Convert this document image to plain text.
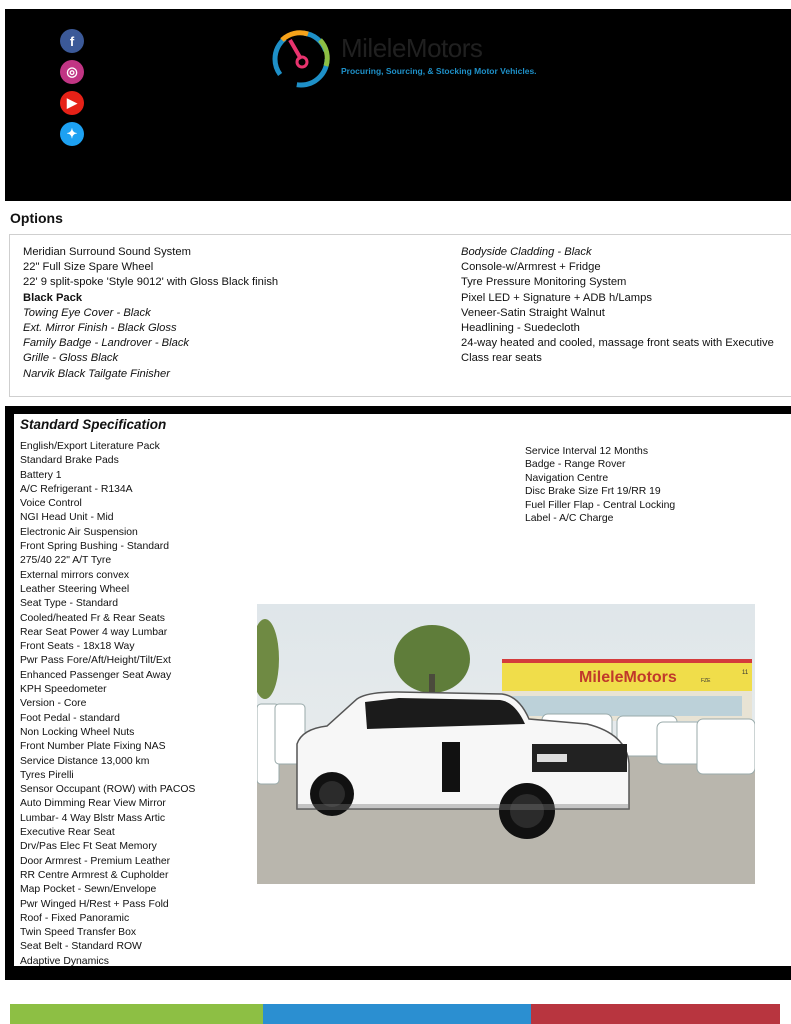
f
◎
▶
✦
MileleMotors
Procuring, Sourcing, & Stocking Motor Vehicles.
Options
Meridian Surround Sound System
22" Full Size Spare Wheel
22' 9 split-spoke 'Style 9012' with Gloss Black finish
Black Pack
Towing Eye Cover - Black
Ext. Mirror Finish - Black Gloss
Family Badge - Landrover - Black
Grille - Gloss Black
Narvik Black Tailgate Finisher
Bodyside Cladding - Black
Console-w/Armrest + Fridge
Tyre Pressure Monitoring System
Pixel LED + Signature + ADB h/Lamps
Veneer-Satin Straight Walnut
Headlining - Suedecloth
24-way heated and cooled, massage front seats with Executive Class rear seats
Standard Specification
English/Export Literature Pack
Standard Brake Pads
Battery 1
A/C Refrigerant - R134A
Voice Control
NGI Head Unit - Mid
Electronic Air Suspension
Front Spring Bushing - Standard
275/40 22" A/T Tyre
External mirrors convex
Leather Steering Wheel
Seat Type - Standard
Cooled/heated Fr & Rear Seats
Rear Seat Power 4 way Lumbar
Front Seats - 18x18 Way
Pwr Pass Fore/Aft/Height/Tilt/Ext
Enhanced Passenger Seat Away
KPH Speedometer
Version - Core
Foot Pedal - standard
Non Locking Wheel Nuts
Front Number Plate Fixing NAS
Service Distance 13,000 km
Tyres Pirelli
Sensor Occupant (ROW) with PACOS
Auto Dimming Rear View Mirror
Lumbar- 4 Way Blstr Mass Artic
Executive Rear Seat
Drv/Pas Elec Ft Seat Memory
Door Armrest - Premium Leather
RR Centre Armrest & Cupholder
Map Pocket - Sewn/Envelope
Pwr Winged H/Rest + Pass Fold
Roof - Fixed Panoramic
Twin Speed Transfer Box
Seat Belt - Standard ROW
Adaptive Dynamics
Service Interval 12 Months
Badge - Range Rover
Navigation Centre
Disc Brake Size Frt 19/RR 19
Fuel Filler Flap - Central Locking
Label - A/C Charge
MileleMotors	FZE
11
